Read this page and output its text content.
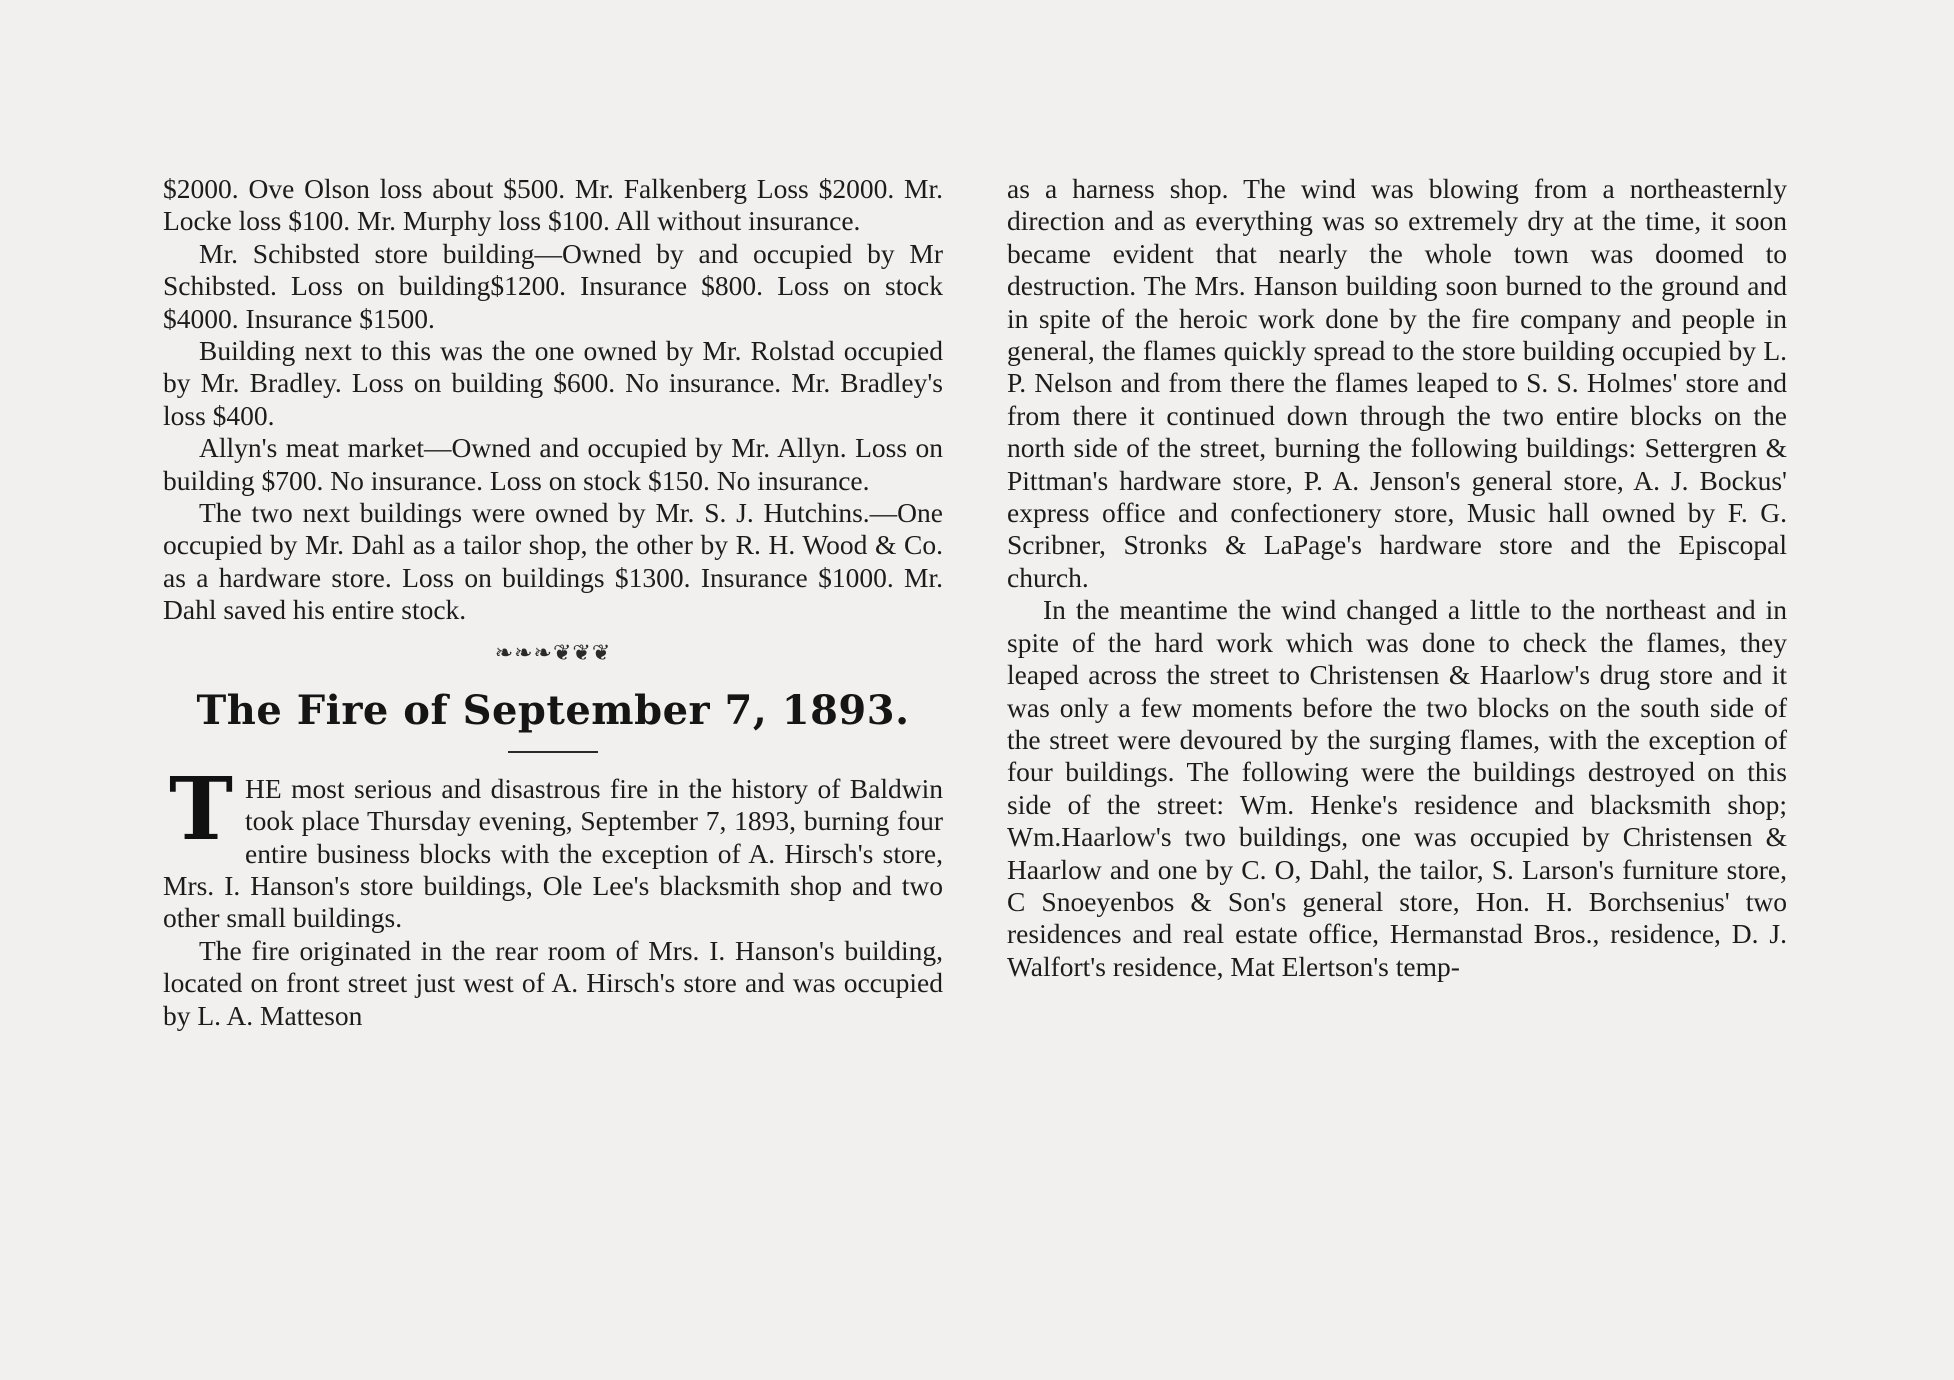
$2000. Ove Olson loss about $500. Mr. Falkenberg Loss $2000. Mr. Locke loss $100. Mr. Murphy loss $100. All without insurance.

Mr. Schibsted store building—Owned by and occupied by Mr Schibsted. Loss on building$1200. Insurance $800. Loss on stock $4000. Insurance $1500.

Building next to this was the one owned by Mr. Rolstad occupied by Mr. Bradley. Loss on building $600. No insurance. Mr. Bradley's loss $400.

Allyn's meat market—Owned and occupied by Mr. Allyn. Loss on building $700. No insurance. Loss on stock $150. No insurance.

The two next buildings were owned by Mr. S. J. Hutchins.—One occupied by Mr. Dahl as a tailor shop, the other by R. H. Wood & Co. as a hardware store. Loss on buildings $1300. Insurance $1000. Mr. Dahl saved his entire stock.

❧❧❧❦❦❦
The Fire of September 7, 1893.
T HE most serious and disastrous fire in the history of Baldwin took place Thursday evening, September 7, 1893, burning four entire business blocks with the exception of A. Hirsch's store, Mrs. I. Hanson's store buildings, Ole Lee's blacksmith shop and two other small buildings.

The fire originated in the rear room of Mrs. I. Hanson's building, located on front street just west of A. Hirsch's store and was occupied by L. A. Matteson

as a harness shop. The wind was blowing from a northeasternly direction and as everything was so extremely dry at the time, it soon became evident that nearly the whole town was doomed to destruction. The Mrs. Hanson building soon burned to the ground and in spite of the heroic work done by the fire company and people in general, the flames quickly spread to the store building occupied by L. P. Nelson and from there the flames leaped to S. S. Holmes' store and from there it continued down through the two entire blocks on the north side of the street, burning the following buildings: Settergren & Pittman's hardware store, P. A. Jenson's general store, A. J. Bockus' express office and confectionery store, Music hall owned by F. G. Scribner, Stronks & LaPage's hardware store and the Episcopal church.

In the meantime the wind changed a little to the northeast and in spite of the hard work which was done to check the flames, they leaped across the street to Christensen & Haarlow's drug store and it was only a few moments before the two blocks on the south side of the street were devoured by the surging flames, with the exception of four buildings. The following were the buildings destroyed on this side of the street: Wm. Henke's residence and blacksmith shop; Wm.Haarlow's two buildings, one was occupied by Christensen & Haarlow and one by C. O, Dahl, the tailor, S. Larson's furniture store, C Snoeyenbos & Son's general store, Hon. H. Borchsenius' two residences and real estate office, Hermanstad Bros., residence, D. J. Walfort's residence, Mat Elertson's temp-
